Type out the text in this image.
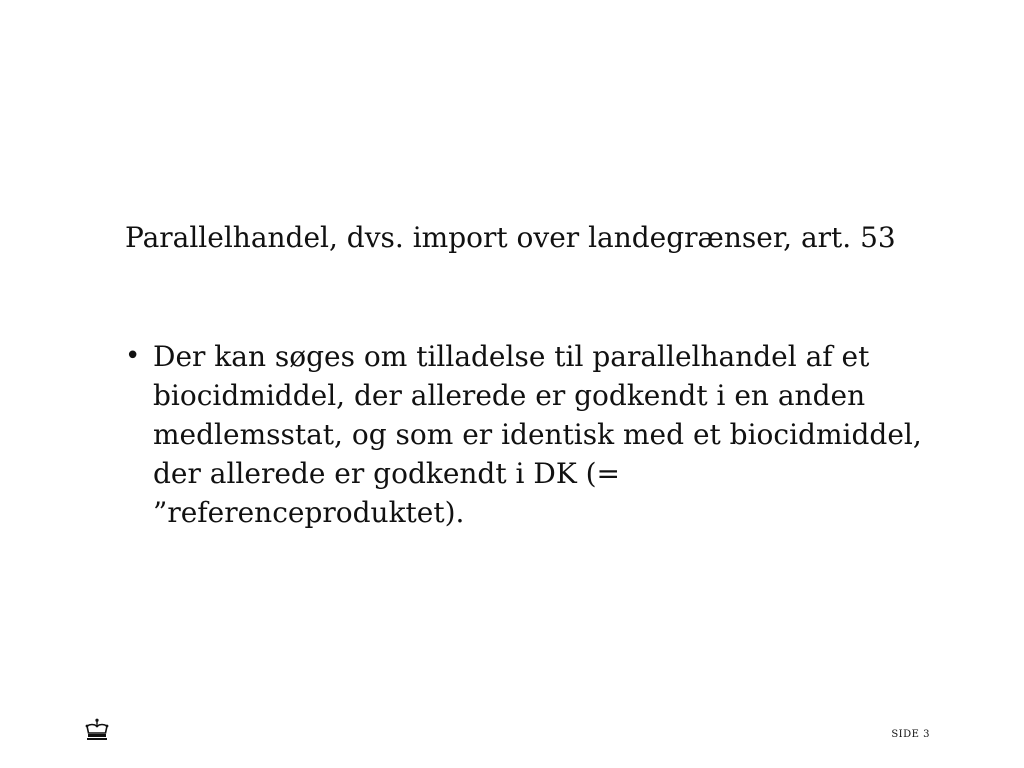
Parallelhandel, dvs. import over landegrænser, art. 53
• Der kan søges om tilladelse til parallelhandel af et biocidmiddel, der allerede er godkendt i en anden medlemsstat, og som er identisk med et biocidmiddel, der allerede er godkendt i DK (= ”referenceproduktet).
SIDE 3
